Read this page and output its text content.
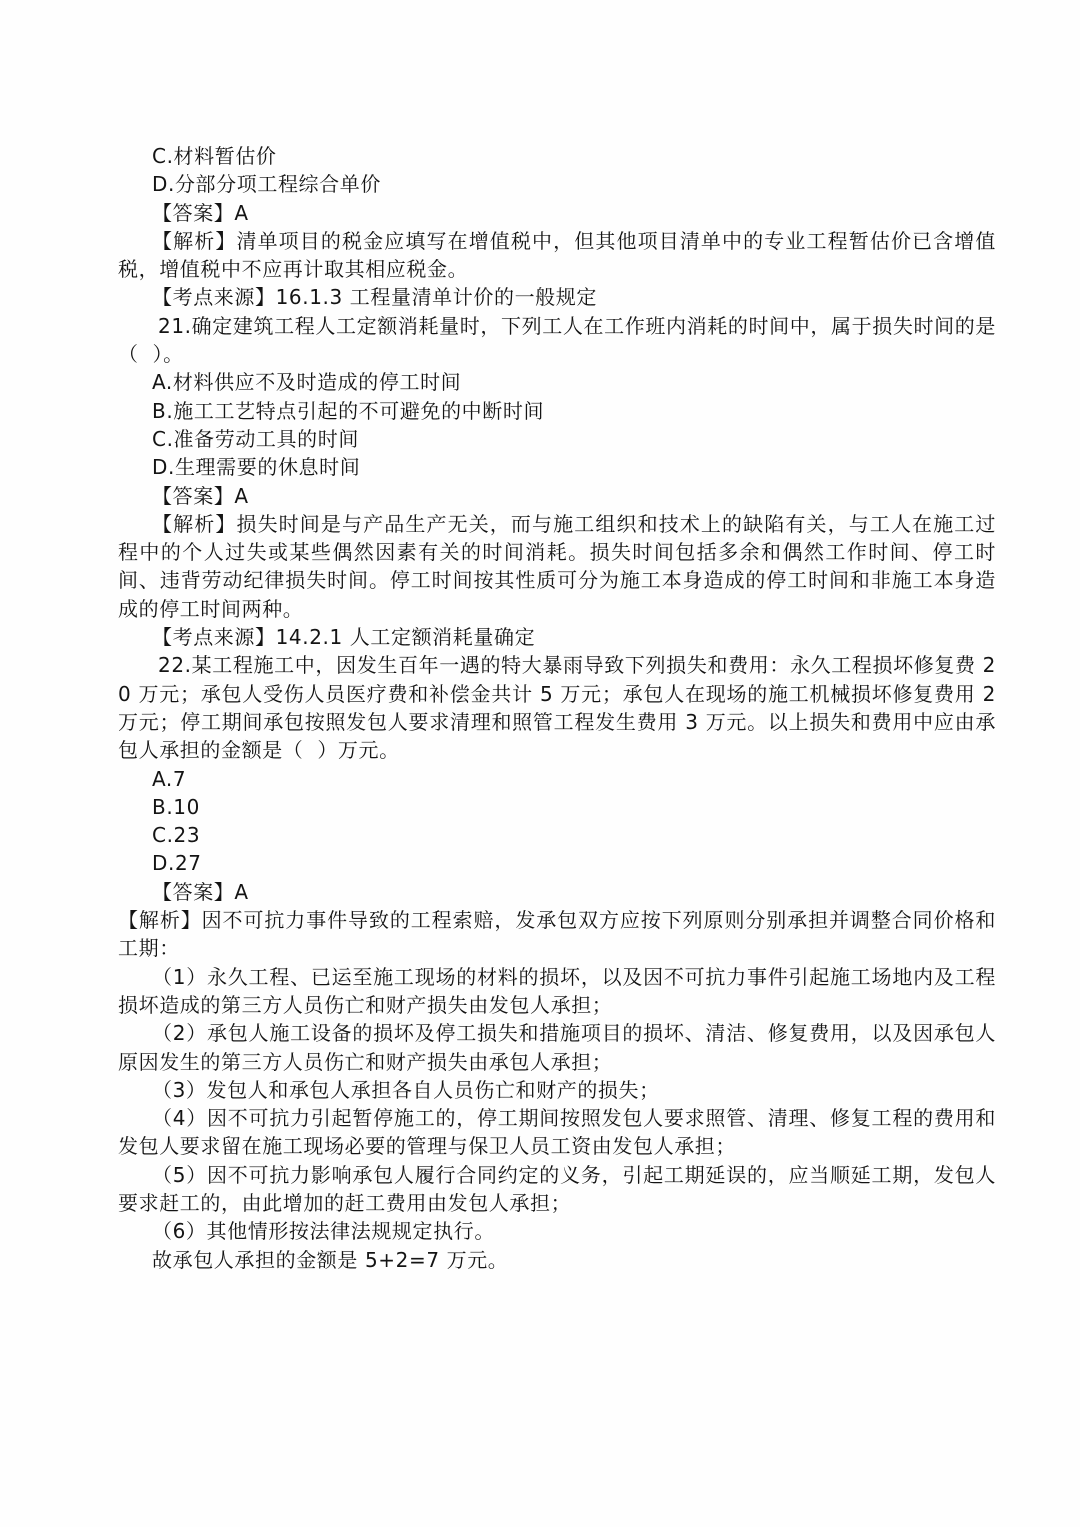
C.材料暂估价

D.分部分项工程综合单价

【答案】A

【解析】清单项目的税金应填写在增值税中，但其他项目清单中的专业工程暂估价已含增值税，增值税中不应再计取其相应税金。

【考点来源】16.1.3 工程量清单计价的一般规定

21.确定建筑工程人工定额消耗量时，下列工人在工作班内消耗的时间中，属于损失时间的是（  ）。

A.材料供应不及时造成的停工时间

B.施工工艺特点引起的不可避免的中断时间

C.准备劳动工具的时间

D.生理需要的休息时间

【答案】A

【解析】损失时间是与产品生产无关，而与施工组织和技术上的缺陷有关，与工人在施工过程中的个人过失或某些偶然因素有关的时间消耗。损失时间包括多余和偶然工作时间、停工时间、违背劳动纪律损失时间。停工时间按其性质可分为施工本身造成的停工时间和非施工本身造成的停工时间两种。

【考点来源】14.2.1 人工定额消耗量确定

22.某工程施工中，因发生百年一遇的特大暴雨导致下列损失和费用：永久工程损坏修复费 20 万元；承包人受伤人员医疗费和补偿金共计 5 万元；承包人在现场的施工机械损坏修复费用 2 万元；停工期间承包按照发包人要求清理和照管工程发生费用 3 万元。以上损失和费用中应由承包人承担的金额是（  ）万元。

A.7

B.10

C.23

D.27

【答案】A

【解析】因不可抗力事件导致的工程索赔，发承包双方应按下列原则分别承担并调整合同价格和工期：

（1）永久工程、已运至施工现场的材料的损坏，以及因不可抗力事件引起施工场地内及工程损坏造成的第三方人员伤亡和财产损失由发包人承担；

（2）承包人施工设备的损坏及停工损失和措施项目的损坏、清洁、修复费用，以及因承包人原因发生的第三方人员伤亡和财产损失由承包人承担；

（3）发包人和承包人承担各自人员伤亡和财产的损失；

（4）因不可抗力引起暂停施工的，停工期间按照发包人要求照管、清理、修复工程的费用和发包人要求留在施工现场必要的管理与保卫人员工资由发包人承担；

（5）因不可抗力影响承包人履行合同约定的义务，引起工期延误的，应当顺延工期，发包人要求赶工的，由此增加的赶工费用由发包人承担；

（6）其他情形按法律法规规定执行。

故承包人承担的金额是 5+2=7 万元。
